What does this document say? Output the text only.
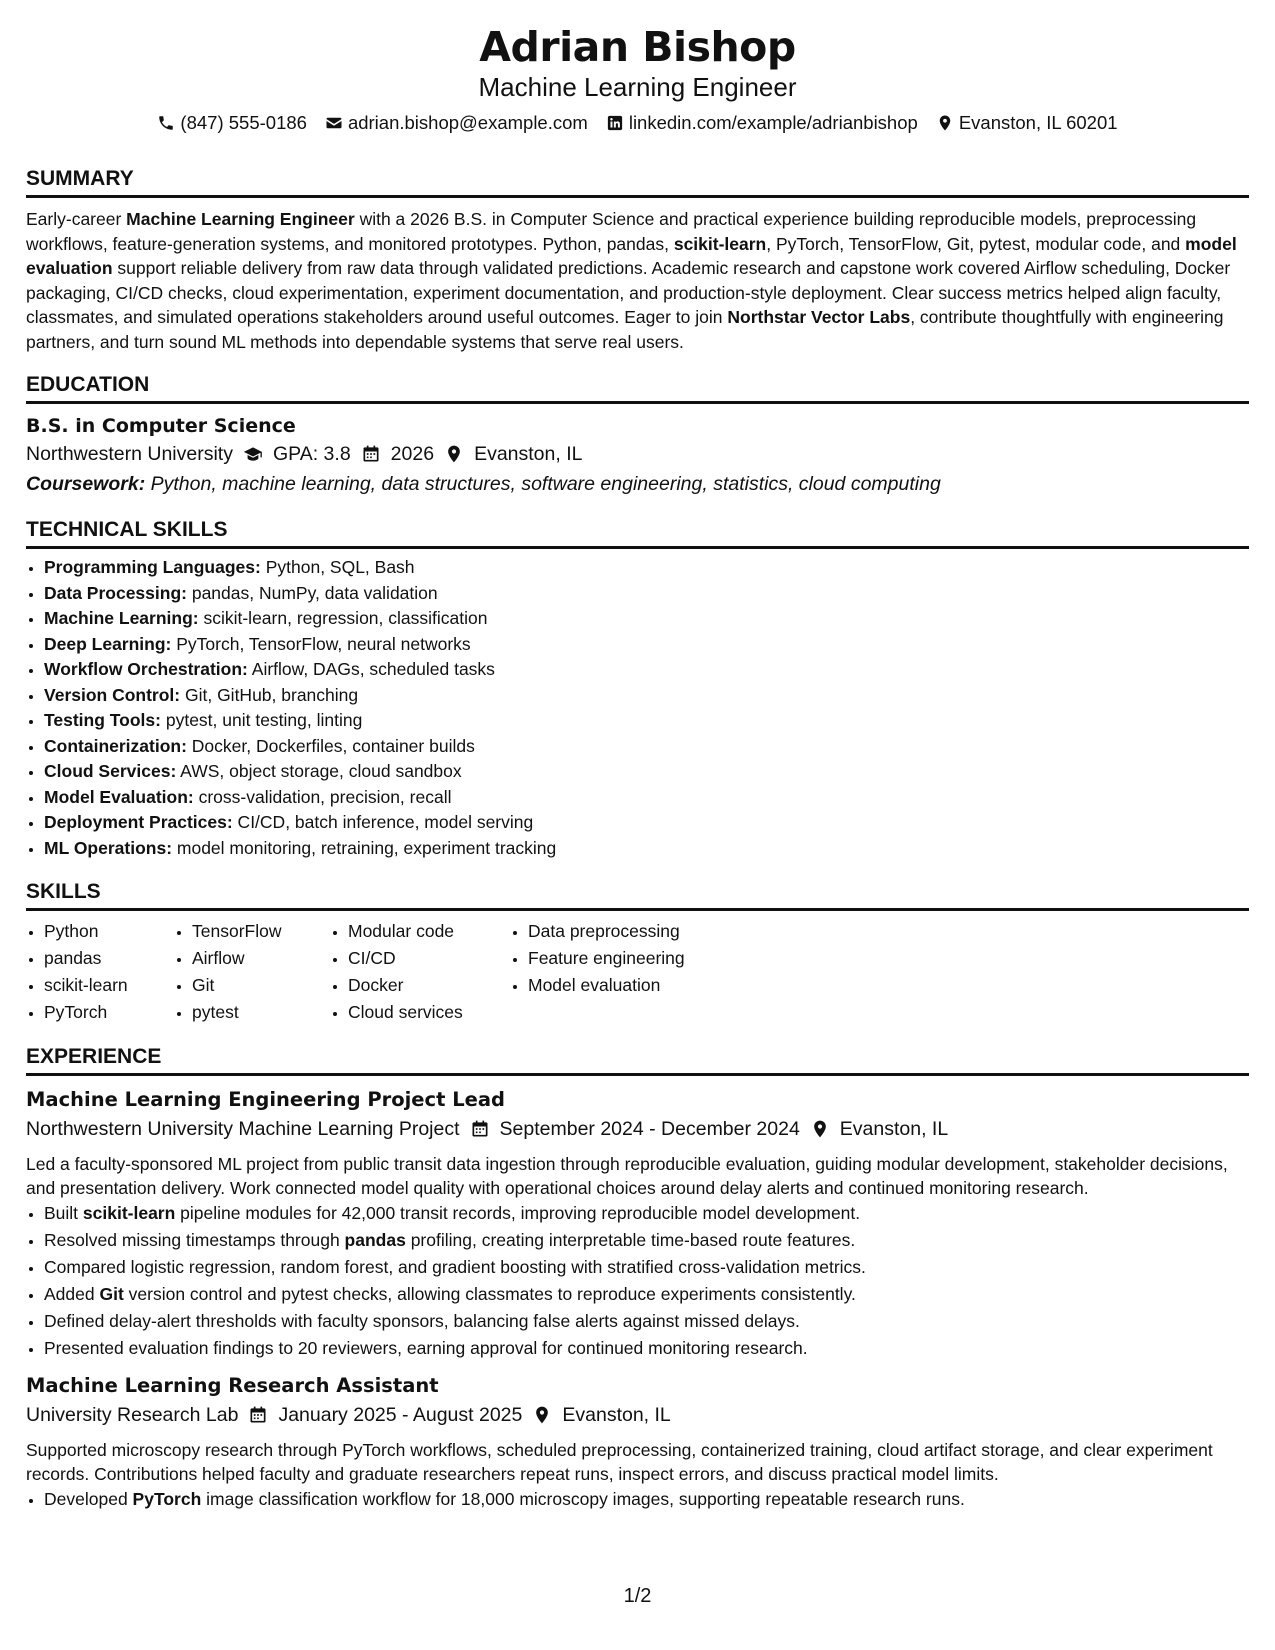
Adrian Bishop
Machine Learning Engineer
(847) 555-0186 adrian.bishop@example.com linkedin.com/example/adrianbishop Evanston, IL 60201
SUMMARY

Early-career Machine Learning Engineer with a 2026 B.S. in Computer Science and practical experience building reproducible models, preprocessing workflows, feature-generation systems, and monitored prototypes. Python, pandas, scikit-learn, PyTorch, TensorFlow, Git, pytest, modular code, and model evaluation support reliable delivery from raw data through validated predictions. Academic research and capstone work covered Airflow scheduling, Docker packaging, CI/CD checks, cloud experimentation, experiment documentation, and production-style deployment. Clear success metrics helped align faculty, classmates, and simulated operations stakeholders around useful outcomes. Eager to join Northstar Vector Labs, contribute thoughtfully with engineering partners, and turn sound ML methods into dependable systems that serve real users.

EDUCATION
B.S. in Computer Science
Northwestern University GPA: 3.8 2026 Evanston, IL
Coursework: Python, machine learning, data structures, software engineering, statistics, cloud computing
TECHNICAL SKILLS
• Programming Languages: Python, SQL, Bash
• Data Processing: pandas, NumPy, data validation
• Machine Learning: scikit-learn, regression, classification
• Deep Learning: PyTorch, TensorFlow, neural networks
• Workflow Orchestration: Airflow, DAGs, scheduled tasks
• Version Control: Git, GitHub, branching
• Testing Tools: pytest, unit testing, linting
• Containerization: Docker, Dockerfiles, container builds
• Cloud Services: AWS, object storage, cloud sandbox
• Model Evaluation: cross-validation, precision, recall
• Deployment Practices: CI/CD, batch inference, model serving
• ML Operations: model monitoring, retraining, experiment tracking
SKILLS
• Python
• pandas
• scikit-learn
• PyTorch
• TensorFlow
• Airflow
• Git
• pytest
• Modular code
• CI/CD
• Docker
• Cloud services
• Data preprocessing
• Feature engineering
• Model evaluation
EXPERIENCE
Machine Learning Engineering Project Lead
Northwestern University Machine Learning Project September 2024 - December 2024 Evanston, IL

Led a faculty-sponsored ML project from public transit data ingestion through reproducible evaluation, guiding modular development, stakeholder decisions, and presentation delivery. Work connected model quality with operational choices around delay alerts and continued monitoring research.

• Built scikit-learn pipeline modules for 42,000 transit records, improving reproducible model development.
• Resolved missing timestamps through pandas profiling, creating interpretable time-based route features.
• Compared logistic regression, random forest, and gradient boosting with stratified cross-validation metrics.
• Added Git version control and pytest checks, allowing classmates to reproduce experiments consistently.
• Defined delay-alert thresholds with faculty sponsors, balancing false alerts against missed delays.
• Presented evaluation findings to 20 reviewers, earning approval for continued monitoring research.
Machine Learning Research Assistant
University Research Lab January 2025 - August 2025 Evanston, IL

Supported microscopy research through PyTorch workflows, scheduled preprocessing, containerized training, cloud artifact storage, and clear experiment records. Contributions helped faculty and graduate researchers repeat runs, inspect errors, and discuss practical model limits.

• Developed PyTorch image classification workflow for 18,000 microscopy images, supporting repeatable research runs.
1/2
